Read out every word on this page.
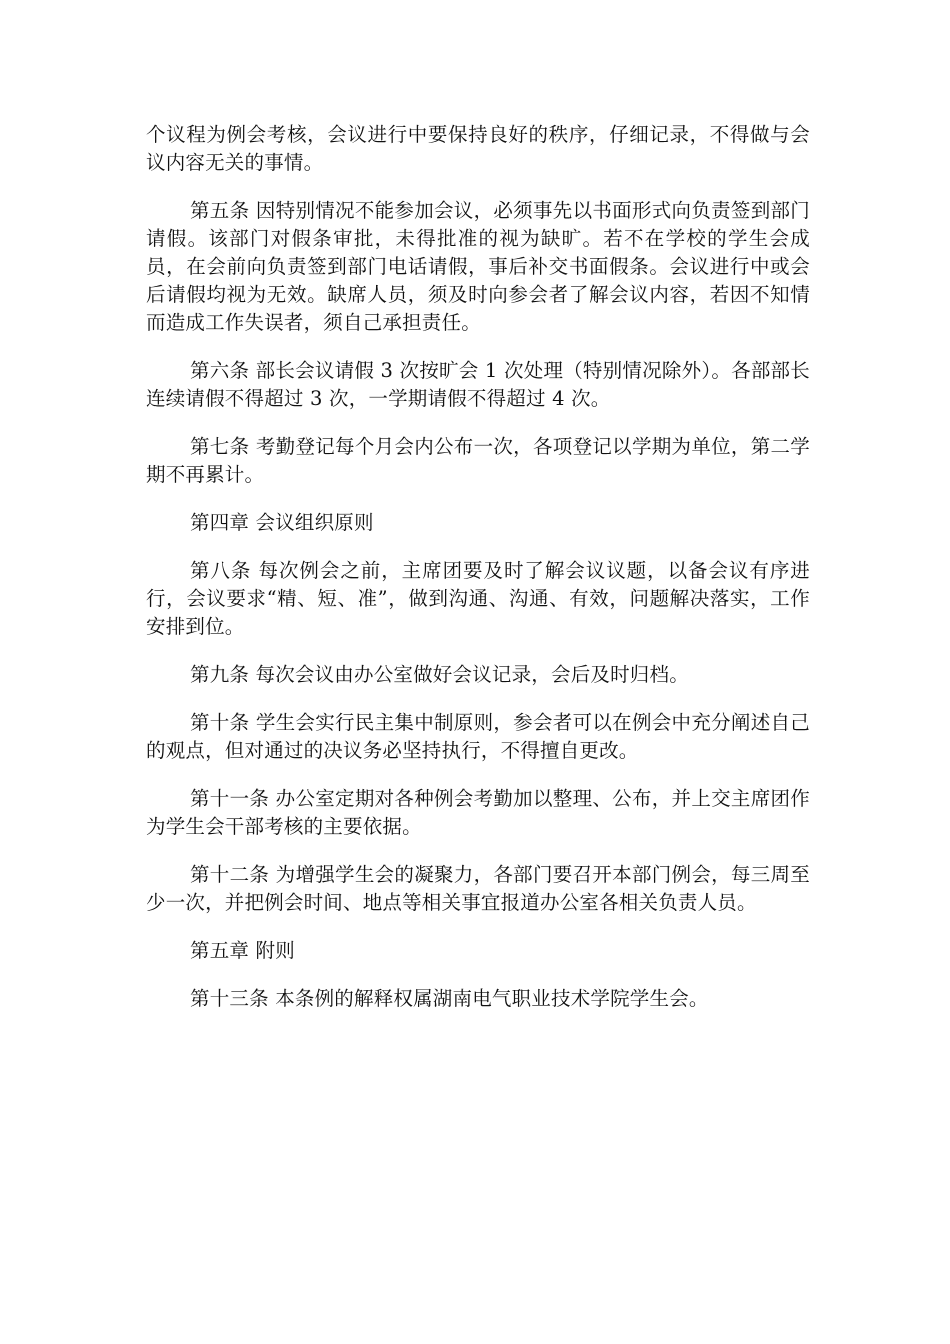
个议程为例会考核，会议进行中要保持良好的秩序，仔细记录，不得做与会议内容无关的事情。

第五条 因特别情况不能参加会议，必须事先以书面形式向负责签到部门请假。该部门对假条审批，未得批准的视为缺旷。若不在学校的学生会成员，在会前向负责签到部门电话请假，事后补交书面假条。会议进行中或会后请假均视为无效。缺席人员，须及时向参会者了解会议内容，若因不知情而造成工作失误者，须自己承担责任。

第六条 部长会议请假 3 次按旷会 1 次处理（特别情况除外）。各部部长连续请假不得超过 3 次，一学期请假不得超过 4 次。

第七条 考勤登记每个月会内公布一次，各项登记以学期为单位，第二学期不再累计。

第四章 会议组织原则

第八条 每次例会之前，主席团要及时了解会议议题，以备会议有序进行，会议要求“精、短、准”，做到沟通、沟通、有效，问题解决落实，工作安排到位。

第九条 每次会议由办公室做好会议记录，会后及时归档。

第十条 学生会实行民主集中制原则，参会者可以在例会中充分阐述自己的观点，但对通过的决议务必坚持执行，不得擅自更改。

第十一条 办公室定期对各种例会考勤加以整理、公布，并上交主席团作为学生会干部考核的主要依据。

第十二条 为增强学生会的凝聚力，各部门要召开本部门例会，每三周至少一次，并把例会时间、地点等相关事宜报道办公室各相关负责人员。

第五章 附则

第十三条 本条例的解释权属湖南电气职业技术学院学生会。
